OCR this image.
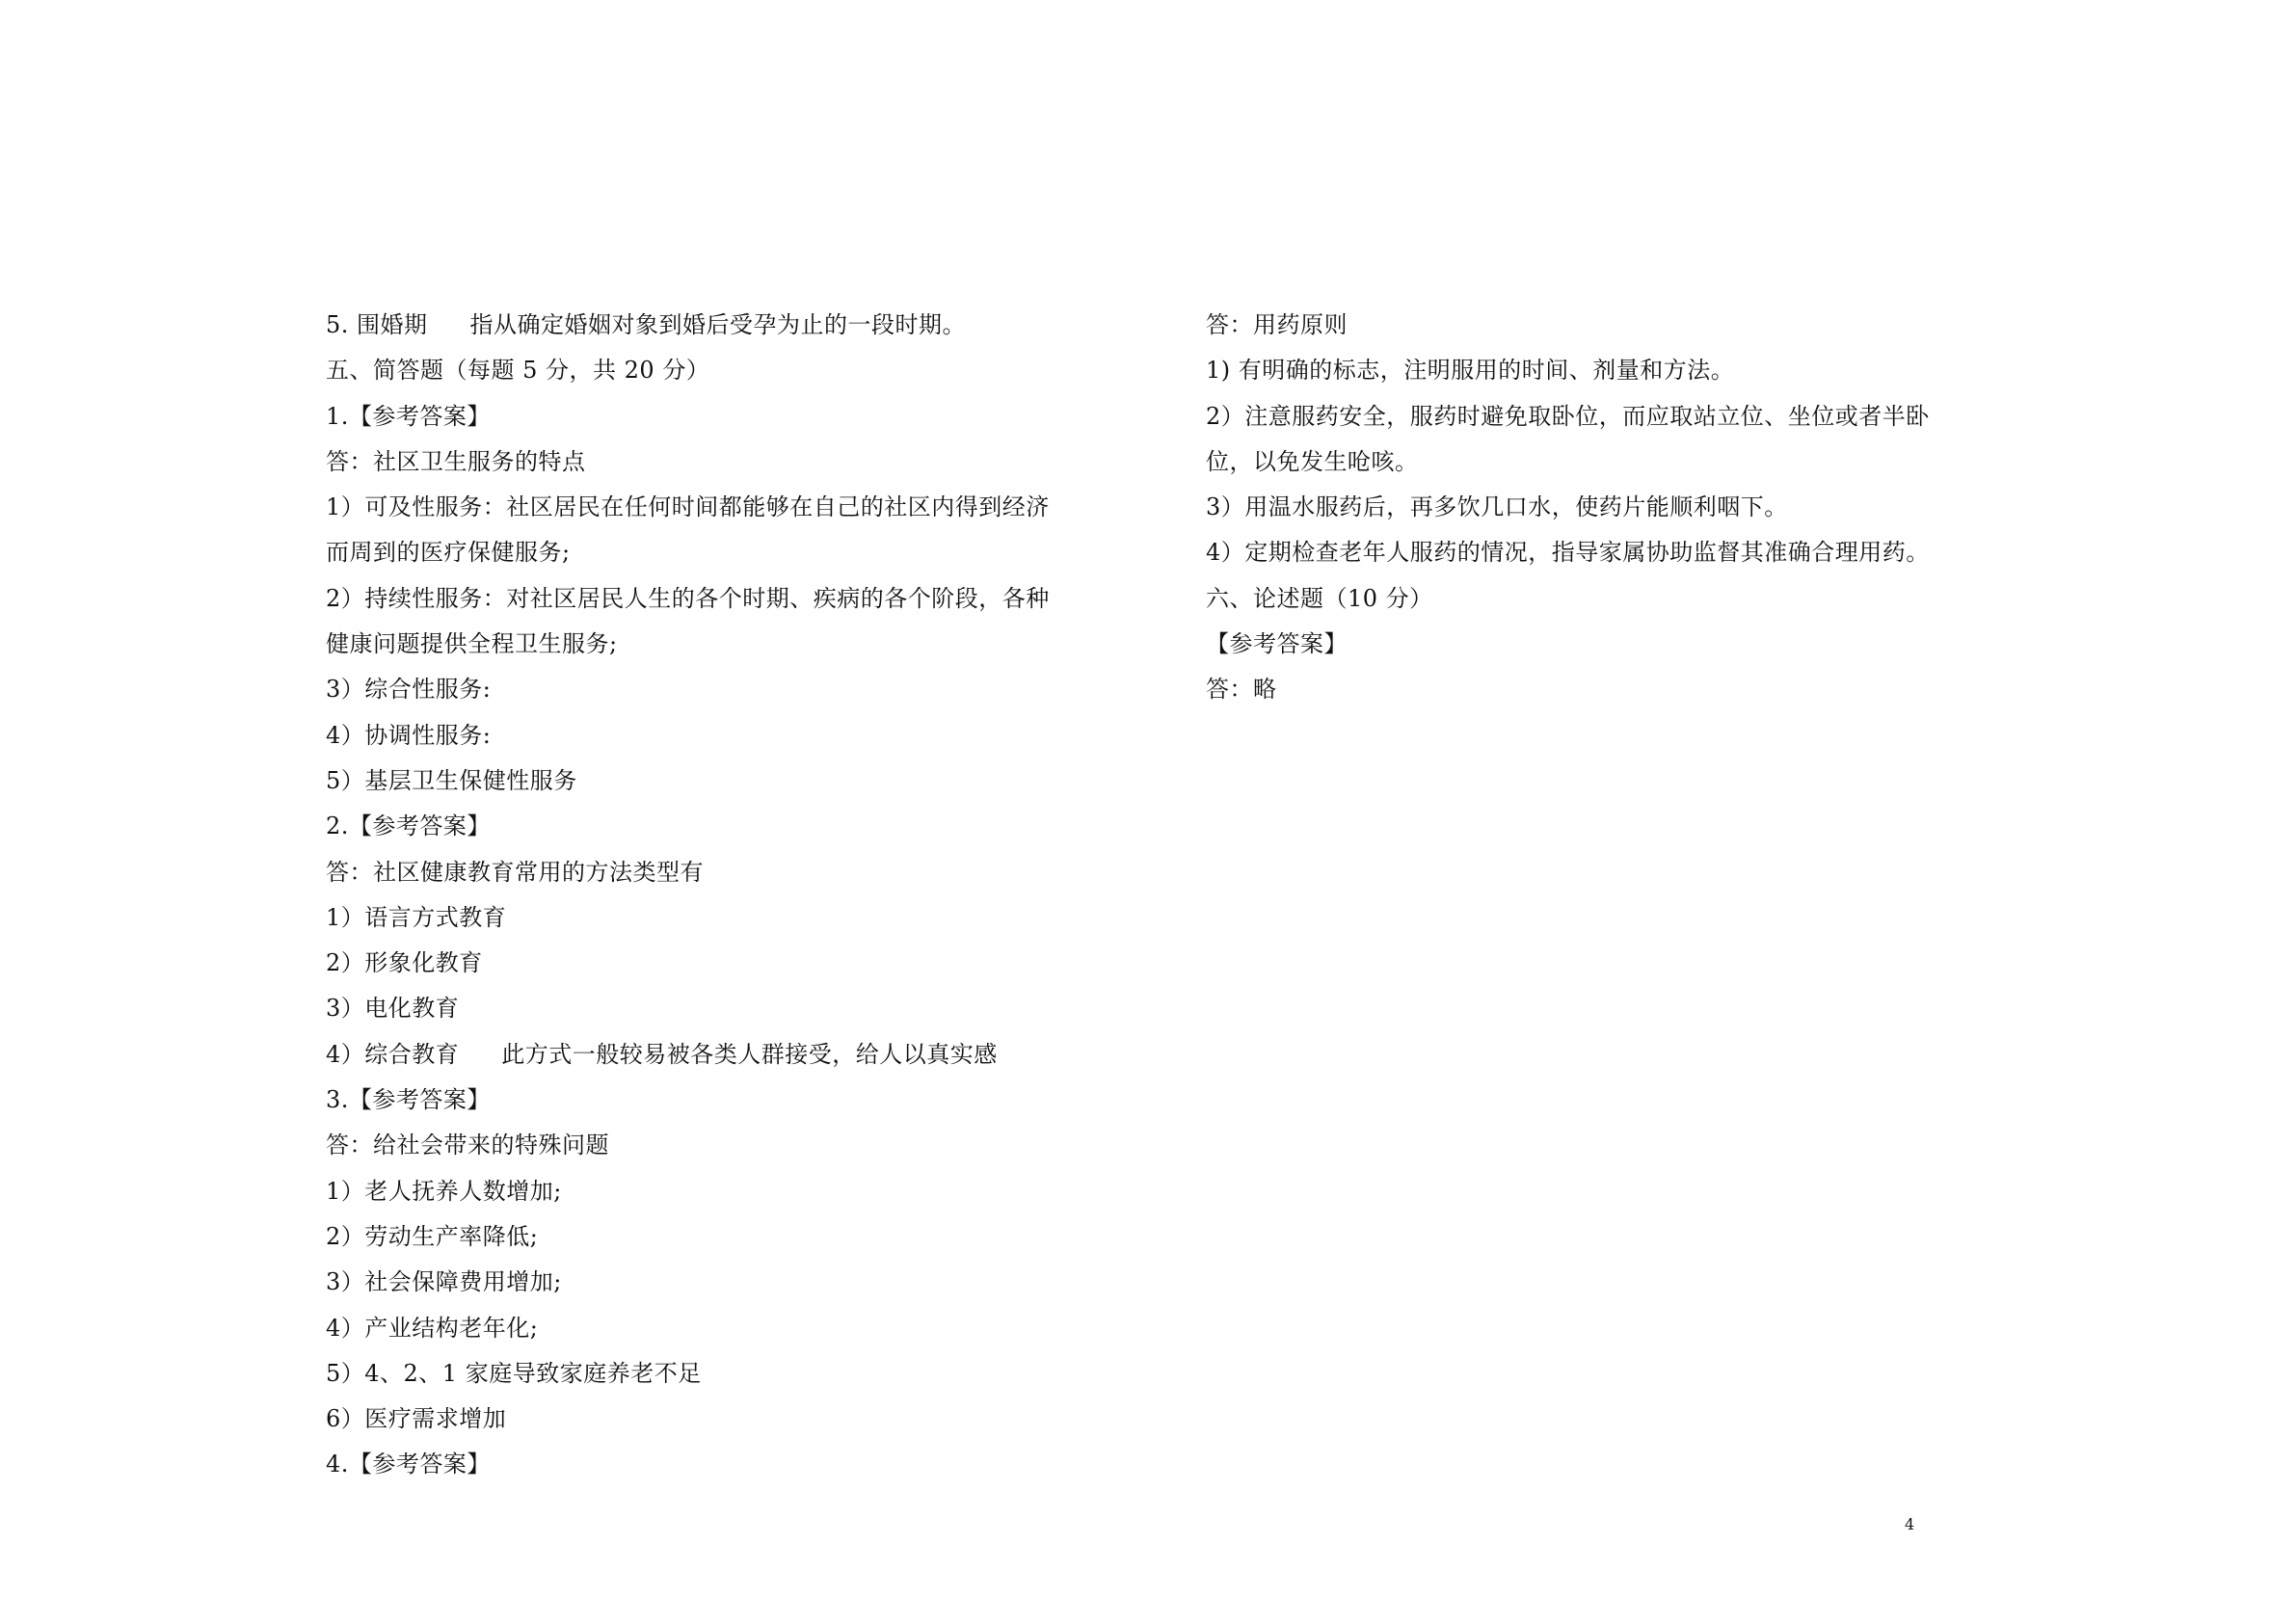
5. 围婚期 指从确定婚姻对象到婚后受孕为止的一段时期。
五、简答题（每题 5 分，共 20 分）
1.【参考答案】
答：社区卫生服务的特点
1）可及性服务：社区居民在任何时间都能够在自己的社区内得到经济
而周到的医疗保健服务;
2）持续性服务：对社区居民人生的各个时期、疾病的各个阶段，各种
健康问题提供全程卫生服务;
3）综合性服务:
4）协调性服务:
5）基层卫生保健性服务
2.【参考答案】
答：社区健康教育常用的方法类型有
1）语言方式教育
2）形象化教育
3）电化教育
4）综合教育 此方式一般较易被各类人群接受，给人以真实感
3.【参考答案】
答：给社会带来的特殊问题
1）老人抚养人数增加;
2）劳动生产率降低;
3）社会保障费用增加;
4）产业结构老年化;
5）4、2、1 家庭导致家庭养老不足
6）医疗需求增加
4.【参考答案】
答：用药原则
1) 有明确的标志，注明服用的时间、剂量和方法。
2）注意服药安全，服药时避免取卧位，而应取站立位、坐位或者半卧
位，以免发生呛咳。
3）用温水服药后，再多饮几口水，使药片能顺利咽下。
4）定期检查老年人服药的情况，指导家属协助监督其准确合理用药。
六、论述题（10 分）
【参考答案】
答：略
4
